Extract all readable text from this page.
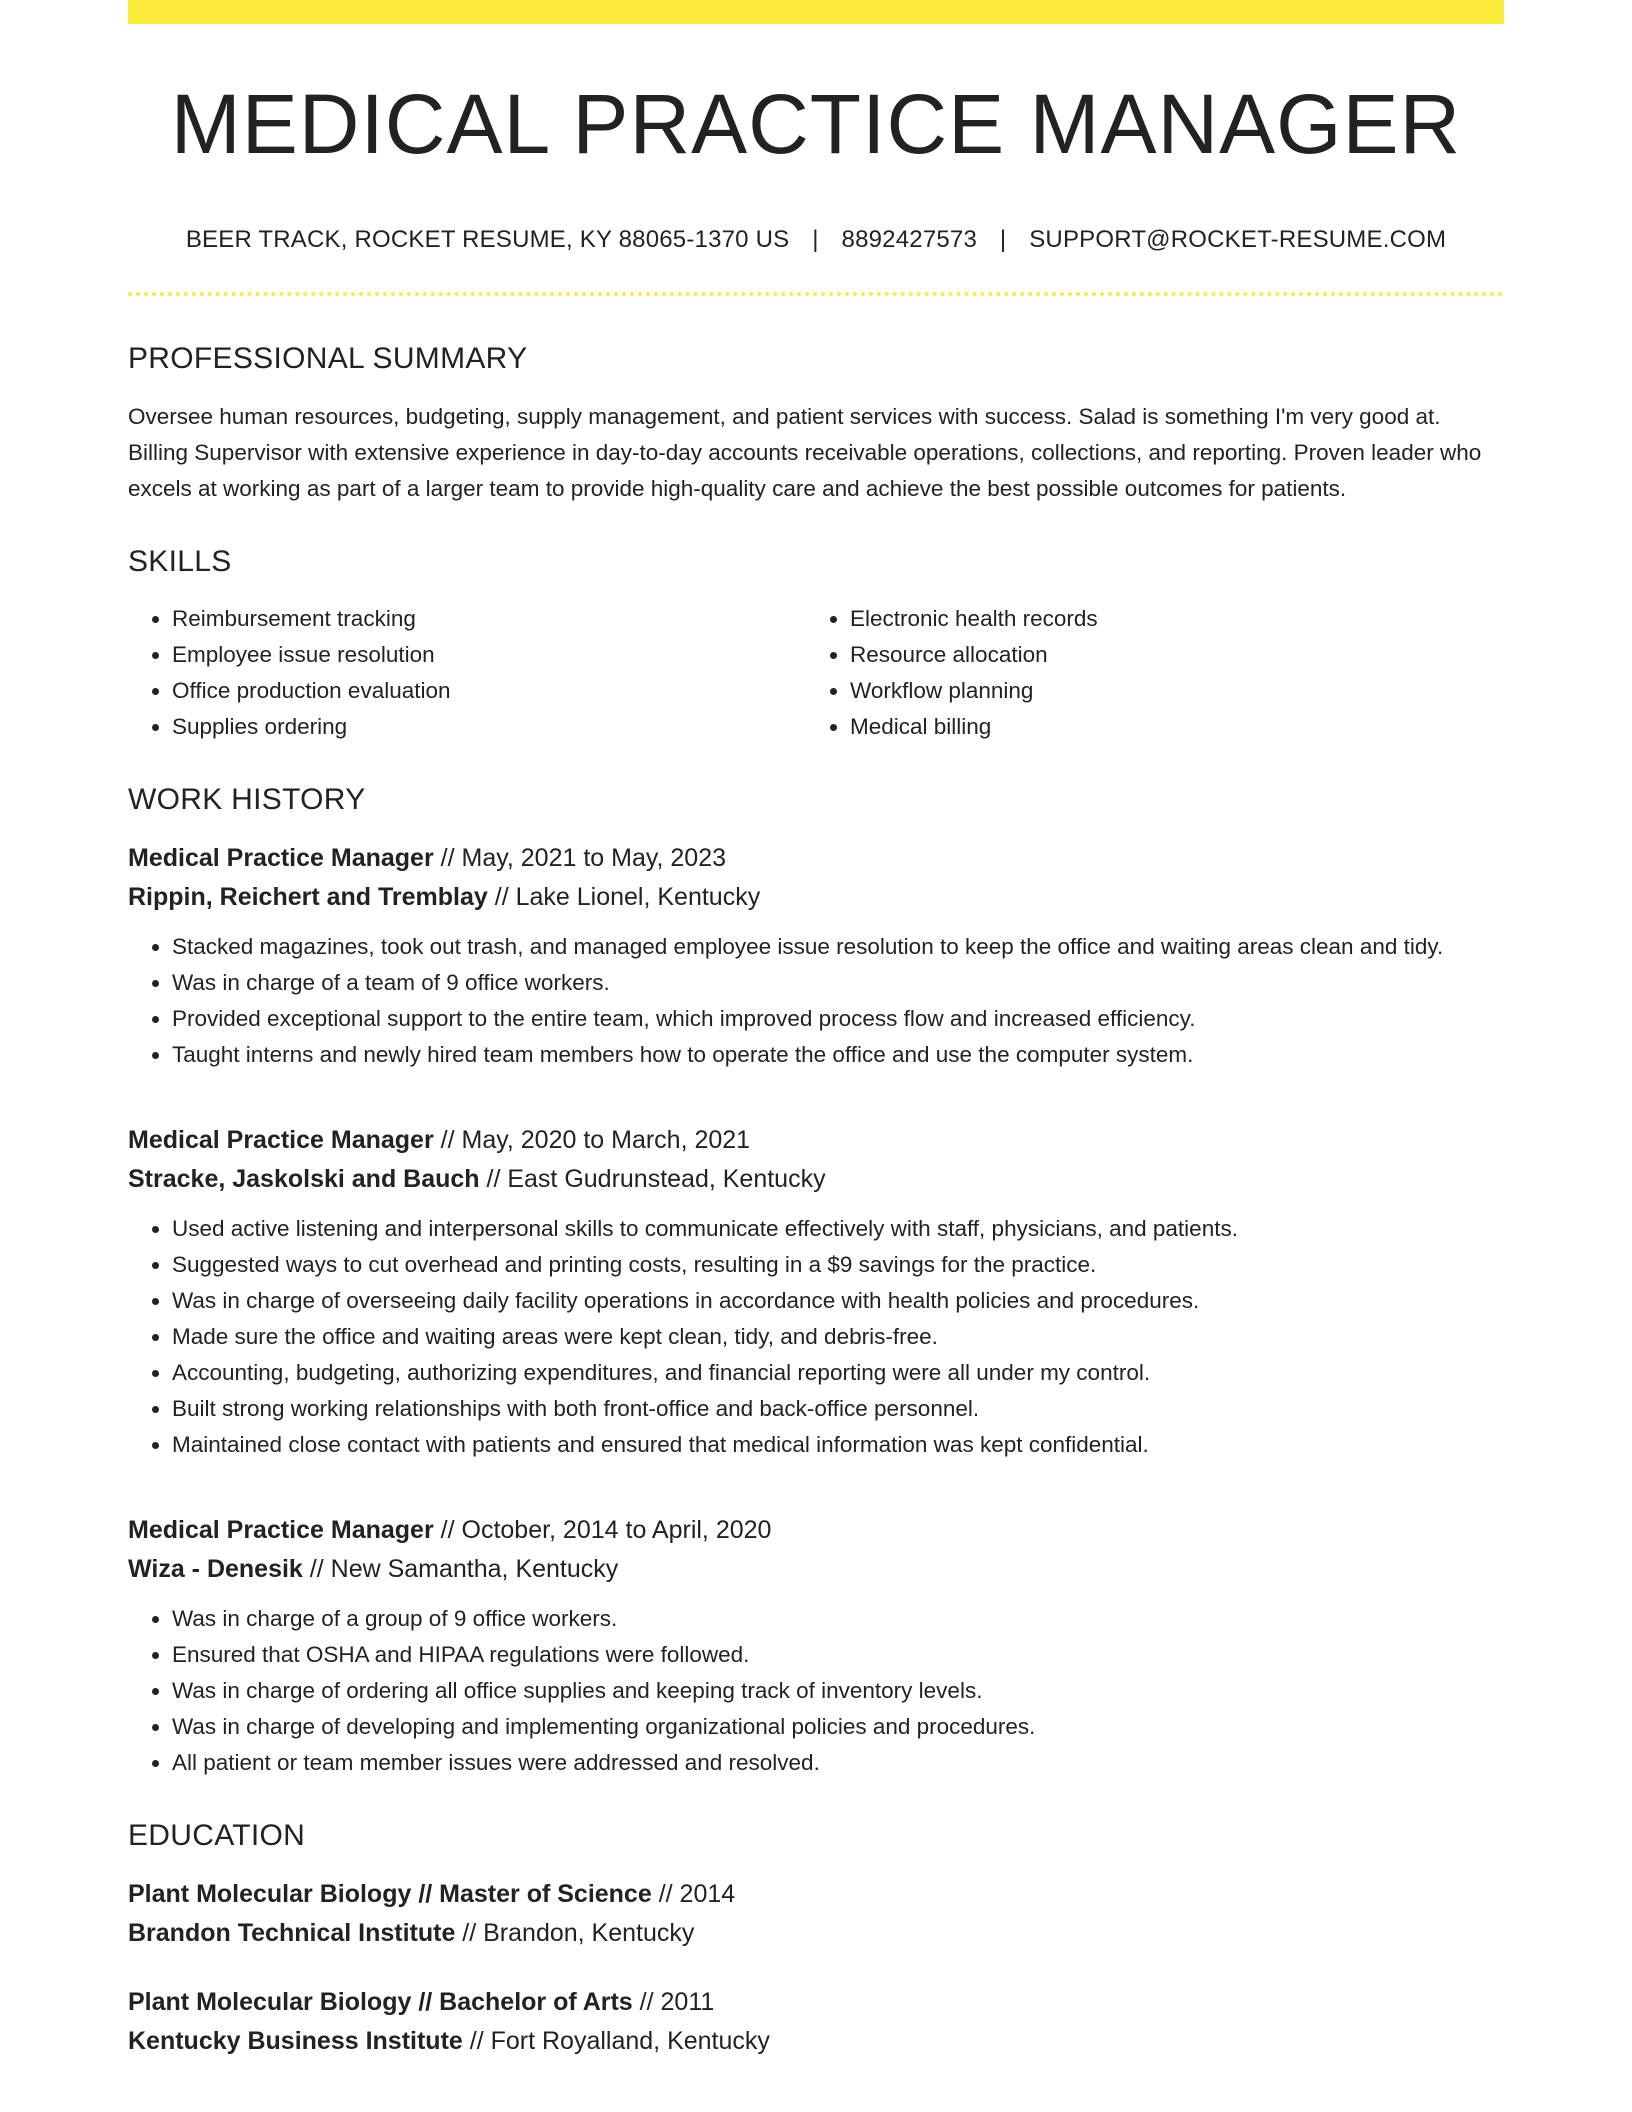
MEDICAL PRACTICE MANAGER
BEER TRACK, ROCKET RESUME, KY 88065-1370 US | 8892427573 | SUPPORT@ROCKET-RESUME.COM
PROFESSIONAL SUMMARY
Oversee human resources, budgeting, supply management, and patient services with success. Salad is something I'm very good at. Billing Supervisor with extensive experience in day-to-day accounts receivable operations, collections, and reporting. Proven leader who excels at working as part of a larger team to provide high-quality care and achieve the best possible outcomes for patients.
SKILLS
• Reimbursement tracking
• Employee issue resolution
• Office production evaluation
• Supplies ordering
• Electronic health records
• Resource allocation
• Workflow planning
• Medical billing
WORK HISTORY
Medical Practice Manager // May, 2021 to May, 2023
Rippin, Reichert and Tremblay // Lake Lionel, Kentucky
• Stacked magazines, took out trash, and managed employee issue resolution to keep the office and waiting areas clean and tidy.
• Was in charge of a team of 9 office workers.
• Provided exceptional support to the entire team, which improved process flow and increased efficiency.
• Taught interns and newly hired team members how to operate the office and use the computer system.
Medical Practice Manager // May, 2020 to March, 2021
Stracke, Jaskolski and Bauch // East Gudrunstead, Kentucky
• Used active listening and interpersonal skills to communicate effectively with staff, physicians, and patients.
• Suggested ways to cut overhead and printing costs, resulting in a $9 savings for the practice.
• Was in charge of overseeing daily facility operations in accordance with health policies and procedures.
• Made sure the office and waiting areas were kept clean, tidy, and debris-free.
• Accounting, budgeting, authorizing expenditures, and financial reporting were all under my control.
• Built strong working relationships with both front-office and back-office personnel.
• Maintained close contact with patients and ensured that medical information was kept confidential.
Medical Practice Manager // October, 2014 to April, 2020
Wiza - Denesik // New Samantha, Kentucky
• Was in charge of a group of 9 office workers.
• Ensured that OSHA and HIPAA regulations were followed.
• Was in charge of ordering all office supplies and keeping track of inventory levels.
• Was in charge of developing and implementing organizational policies and procedures.
• All patient or team member issues were addressed and resolved.
EDUCATION
Plant Molecular Biology // Master of Science // 2014
Brandon Technical Institute // Brandon, Kentucky
Plant Molecular Biology // Bachelor of Arts // 2011
Kentucky Business Institute // Fort Royalland, Kentucky
